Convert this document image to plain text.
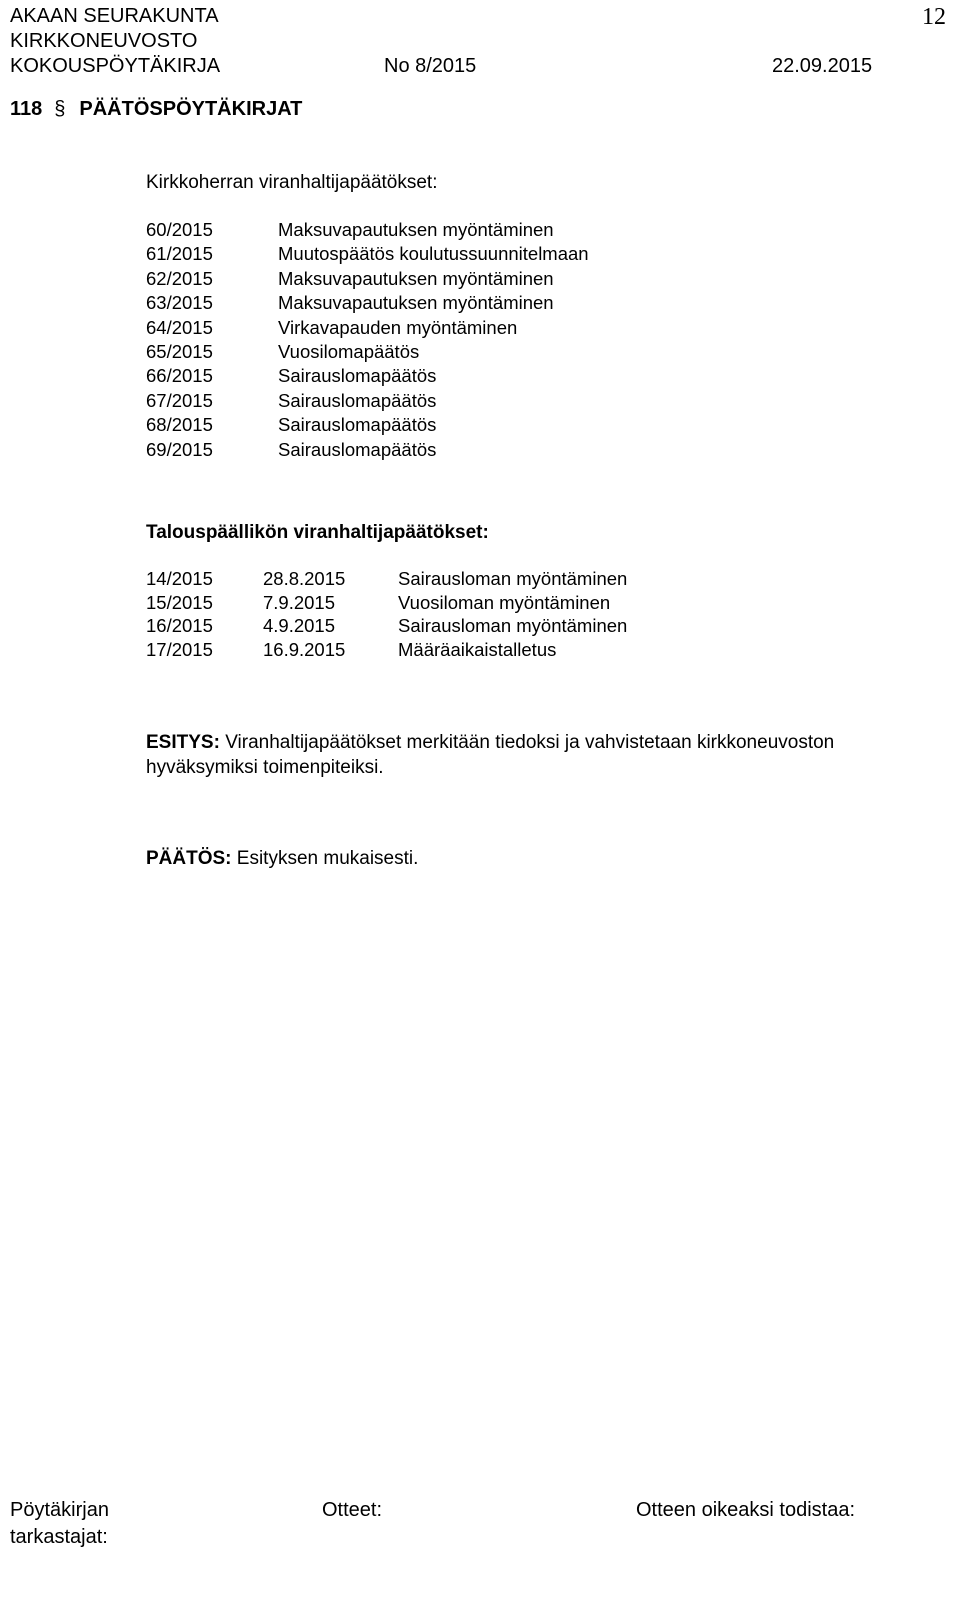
AKAAN SEURAKUNTA	12
KIRKKONEUVOSTO
KOKOUSPÖYTÄKIRJA	No 8/2015	22.09.2015
118 § PÄÄTÖSPÖYTÄKIRJAT
Kirkkoherran viranhaltijapäätökset:
60/2015	Maksuvapautuksen myöntäminen
61/2015	Muutospäätös koulutussuunnitelmaan
62/2015	Maksuvapautuksen myöntäminen
63/2015	Maksuvapautuksen myöntäminen
64/2015	Virkavapauden myöntäminen
65/2015	Vuosilomapäätös
66/2015	Sairauslomapäätös
67/2015	Sairauslomapäätös
68/2015	Sairauslomapäätös
69/2015	Sairauslomapäätös
Talouspäällikön viranhaltijapäätökset:
14/2015	28.8.2015	Sairausloman myöntäminen
15/2015	7.9.2015	Vuosiloman myöntäminen
16/2015	4.9.2015	Sairausloman myöntäminen
17/2015	16.9.2015	Määräaikaistalletus
ESITYS: Viranhaltijapäätökset merkitään tiedoksi ja vahvistetaan kirkkoneuvoston hyväksymiksi toimenpiteiksi.
PÄÄTÖS: Esityksen mukaisesti.
Pöytäkirjan
tarkastajat:
Otteet:	Otteen oikeaksi todistaa:
